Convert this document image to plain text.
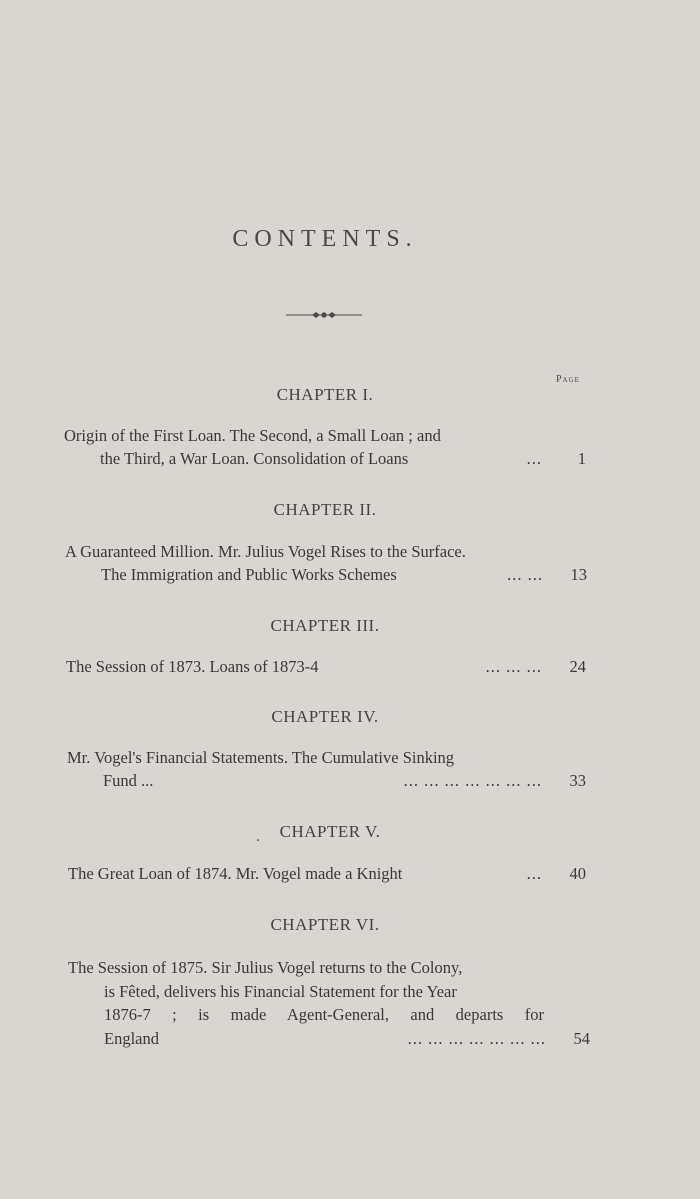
CONTENTS.
Page
CHAPTER I.
Origin of the First Loan. The Second, a Small Loan ; and
the Third, a War Loan. Consolidation of Loans	...	1
CHAPTER II.
A Guaranteed Million. Mr. Julius Vogel Rises to the Surface.
The Immigration and Public Works Schemes	... ...	13
CHAPTER III.
The Session of 1873. Loans of 1873-4	... ... ...	24
CHAPTER IV.
Mr. Vogel's Financial Statements. The Cumulative Sinking
Fund ...	... ... ... ... ... ... ...	33
.	CHAPTER V.
The Great Loan of 1874. Mr. Vogel made a Knight	...	40
CHAPTER VI.
The Session of 1875. Sir Julius Vogel returns to the Colony,
is Fêted, delivers his Financial Statement for the Year
1876-7 ; is made Agent-General, and departs for
England	... ... ... ... ... ... ...	54
